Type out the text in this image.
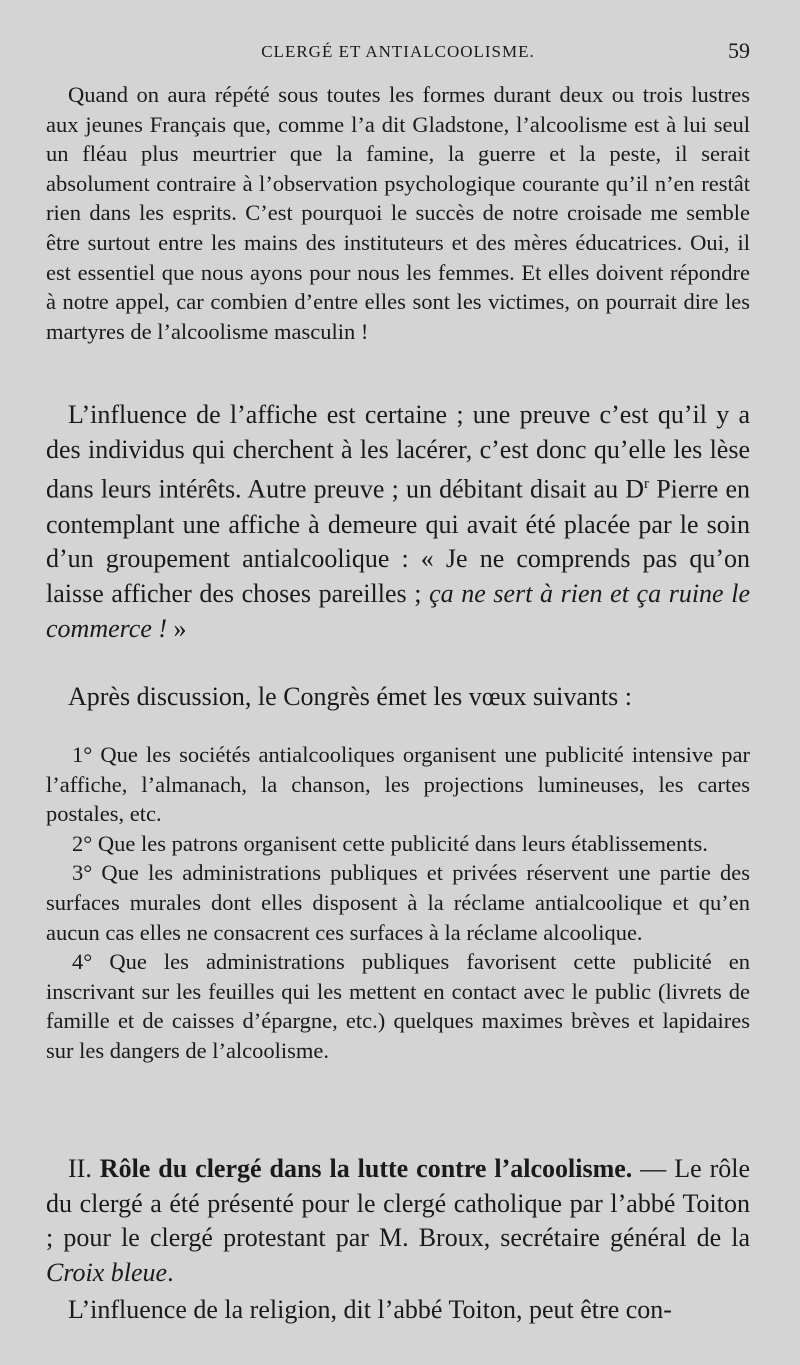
CLERGÉ ET ANTIALCOOLISME.	59

Quand on aura répété sous toutes les formes durant deux ou trois lustres aux jeunes Français que, comme l’a dit Gladstone, l’alcoolisme est à lui seul un fléau plus meurtrier que la famine, la guerre et la peste, il serait absolument contraire à l’observation psychologique courante qu’il n’en restât rien dans les esprits. C’est pourquoi le succès de notre croisade me semble être surtout entre les mains des instituteurs et des mères éducatrices. Oui, il est essentiel que nous ayons pour nous les femmes. Et elles doivent répondre à notre appel, car combien d’entre elles sont les victimes, on pourrait dire les martyres de l’alcoolisme masculin !

L’influence de l’affiche est certaine ; une preuve c’est qu’il y a des individus qui cherchent à les lacérer, c’est donc qu’elle les lèse dans leurs intérêts. Autre preuve ; un débitant disait au $D^r$ Pierre en contemplant une affiche à demeure qui avait été placée par le soin d’un groupement antialcoolique : « Je ne comprends pas qu’on laisse afficher des choses pareilles ; ça ne sert à rien et ça ruine le commerce ! »

Après discussion, le Congrès émet les vœux suivants :

1° Que les sociétés antialcooliques organisent une publicité intensive par l’affiche, l’almanach, la chanson, les projections lumineuses, les cartes postales, etc.

2° Que les patrons organisent cette publicité dans leurs établissements.

3° Que les administrations publiques et privées réservent une partie des surfaces murales dont elles disposent à la réclame antialcoolique et qu’en aucun cas elles ne consacrent ces surfaces à la réclame alcoolique.

4° Que les administrations publiques favorisent cette publicité en inscrivant sur les feuilles qui les mettent en contact avec le public (livrets de famille et de caisses d’épargne, etc.) quelques maximes brèves et lapidaires sur les dangers de l’alcoolisme.

II. Rôle du clergé dans la lutte contre l’alcoolisme. — Le rôle du clergé a été présenté pour le clergé catholique par l’abbé Toiton ; pour le clergé protestant par M. Broux, secrétaire général de la Croix bleue.

L’influence de la religion, dit l’abbé Toiton, peut être con-
